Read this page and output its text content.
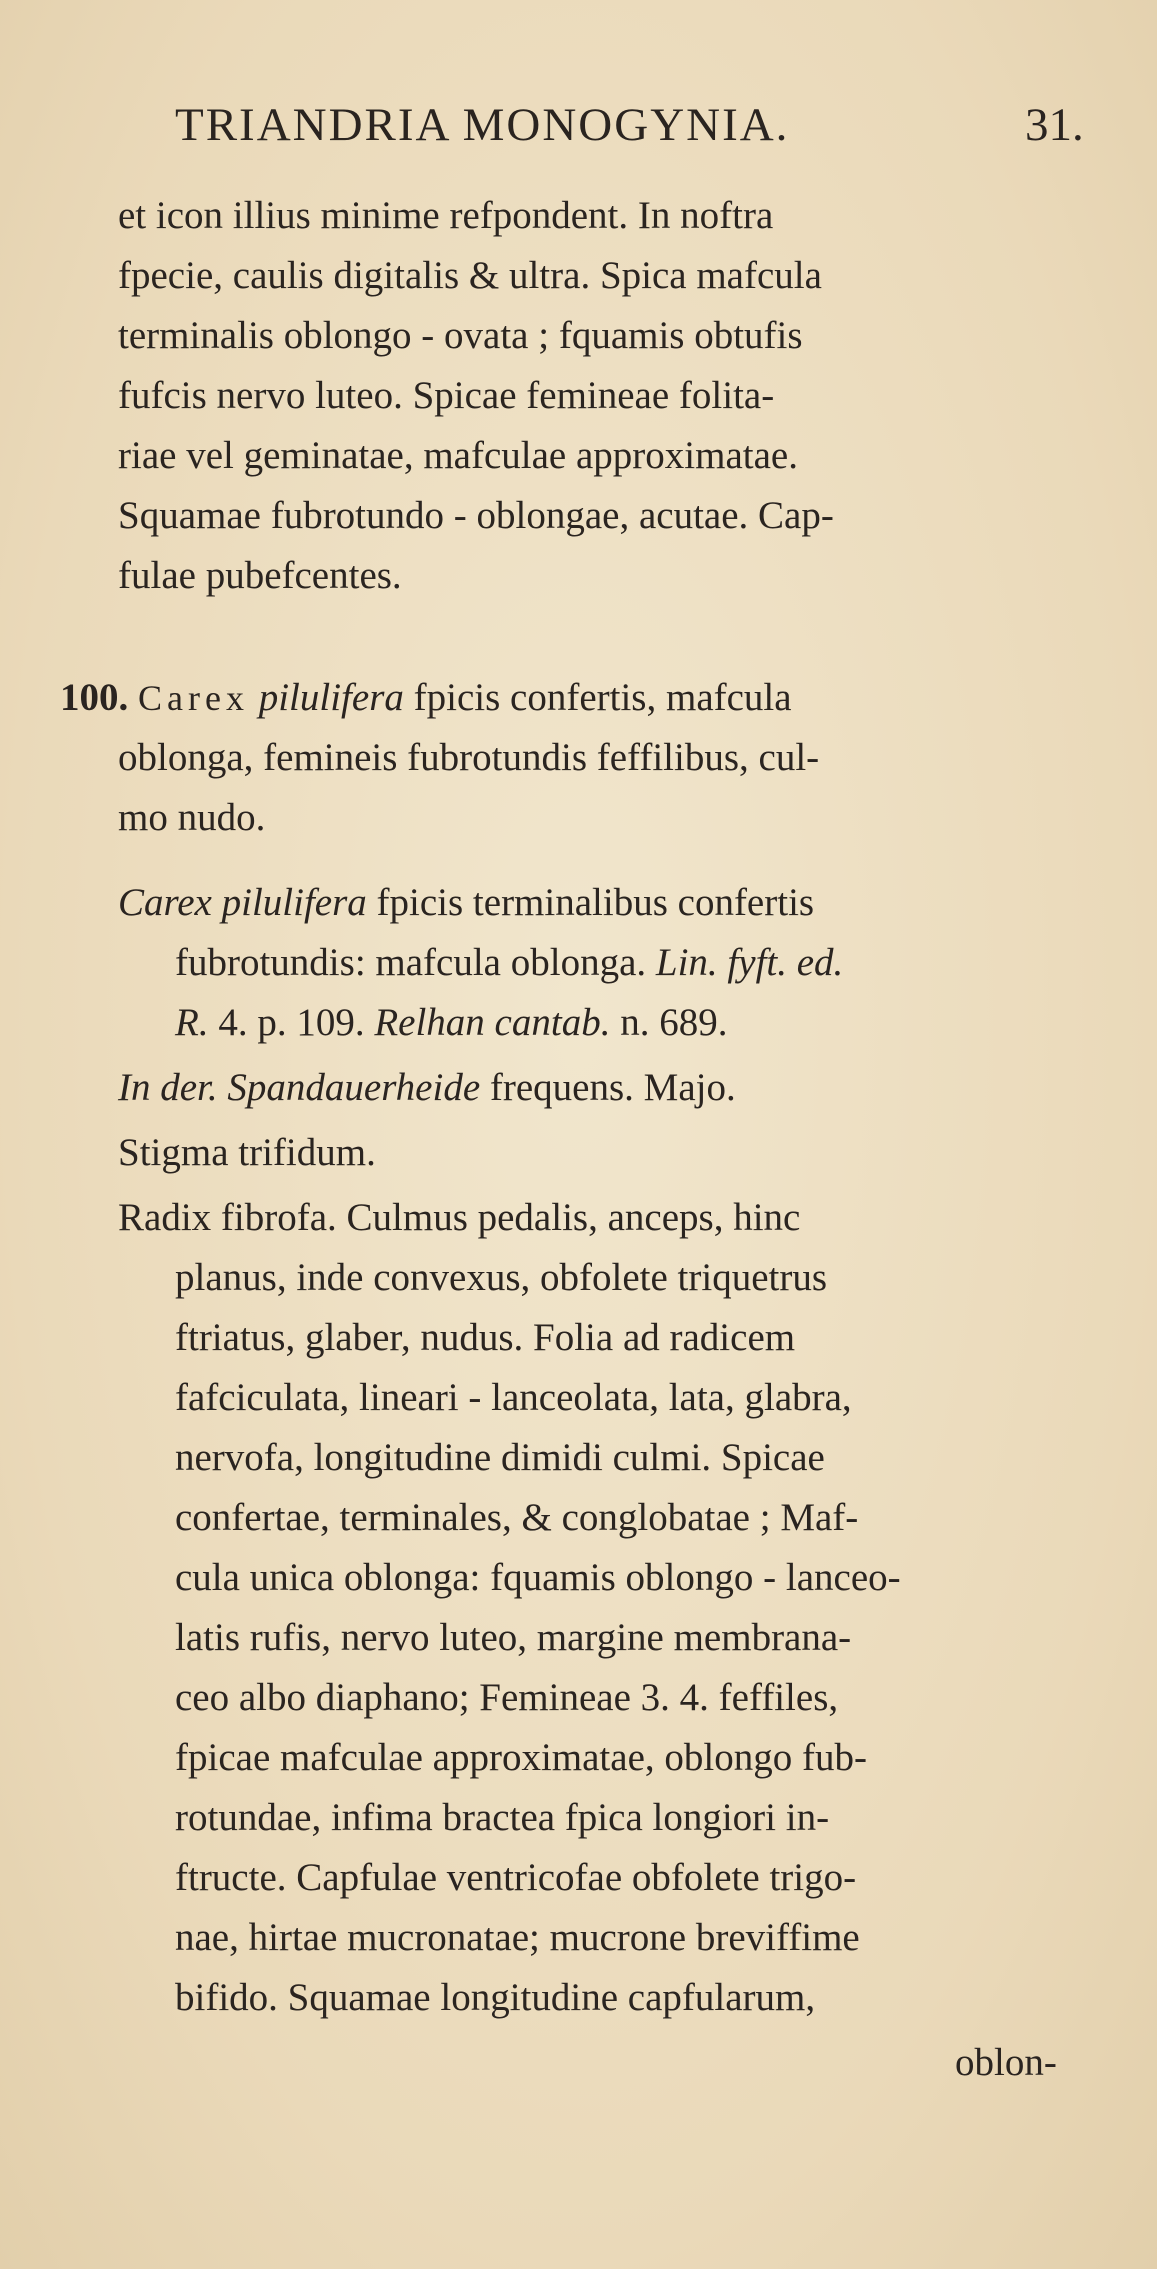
TRIANDRIA MONOGYNIA.	31.
et icon illius minime refpondent. In noftra
fpecie, caulis digitalis & ultra. Spica mafcula
terminalis oblongo - ovata ; fquamis obtufis
fufcis nervo luteo. Spicae femineae folita-
riae vel geminatae, mafculae approximatae.
Squamae fubrotundo - oblongae, acutae. Cap-
fulae pubefcentes.
100. Carex pilulifera fpicis confertis, mafcula
oblonga, femineis fubrotundis feffilibus, cul-
mo nudo.
Carex pilulifera fpicis terminalibus confertis
fubrotundis: mafcula oblonga. Lin. fyft. ed.
R. 4. p. 109. Relhan cantab. n. 689.
In der. Spandauerheide frequens. Majo.
Stigma trifidum.
Radix fibrofa. Culmus pedalis, anceps, hinc
planus, inde convexus, obfolete triquetrus
ftriatus, glaber, nudus. Folia ad radicem
fafciculata, lineari - lanceolata, lata, glabra,
nervofa, longitudine dimidi culmi. Spicae
confertae, terminales, & conglobatae ; Maf-
cula unica oblonga: fquamis oblongo - lanceo-
latis rufis, nervo luteo, margine membrana-
ceo albo diaphano; Femineae 3. 4. feffiles,
fpicae mafculae approximatae, oblongo fub-
rotundae, infima bractea fpica longiori in-
ftructe. Capfulae ventricofae obfolete trigo-
nae, hirtae mucronatae; mucrone breviffime
bifido. Squamae longitudine capfularum,
oblon-
